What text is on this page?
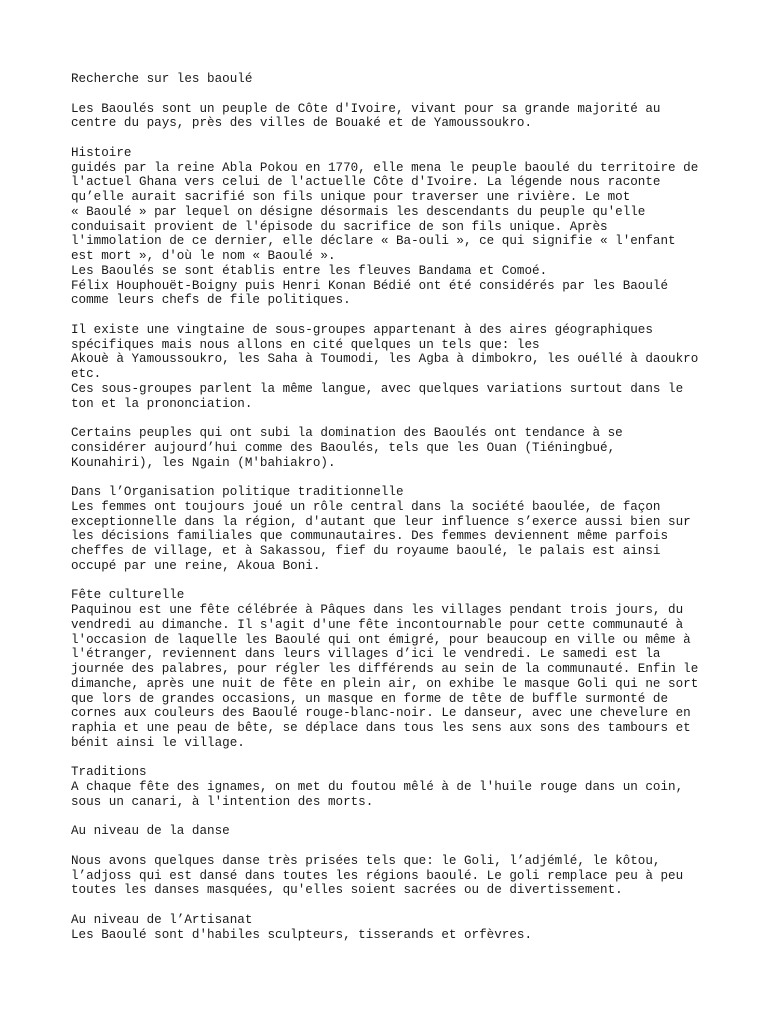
Recherche sur les baoulé
Les Baoulés sont un peuple de Côte d'Ivoire, vivant pour sa grande majorité au
centre du pays, près des villes de Bouaké et de Yamoussoukro.
Histoire
guidés par la reine Abla Pokou en 1770, elle mena le peuple baoulé du territoire de
l'actuel Ghana vers celui de l'actuelle Côte d'Ivoire. La légende nous raconte
qu’elle aurait sacrifié son fils unique pour traverser une rivière. Le mot
« Baoulé » par lequel on désigne désormais les descendants du peuple qu'elle
conduisait provient de l'épisode du sacrifice de son fils unique. Après
l'immolation de ce dernier, elle déclare « Ba-ouli », ce qui signifie « l'enfant
est mort », d'où le nom « Baoulé ».
Les Baoulés se sont établis entre les fleuves Bandama et Comoé.
Félix Houphouët-Boigny puis Henri Konan Bédié ont été considérés par les Baoulé
comme leurs chefs de file politiques.
Il existe une vingtaine de sous-groupes appartenant à des aires géographiques
spécifiques mais nous allons en cité quelques un tels que: les
Akouè à Yamoussoukro, les Saha à Toumodi, les Agba à dimbokro, les ouéllé à daoukro
etc.
Ces sous-groupes parlent la même langue, avec quelques variations surtout dans le
ton et la prononciation.
Certains peuples qui ont subi la domination des Baoulés ont tendance à se
considérer aujourd’hui comme des Baoulés, tels que les Ouan (Tiéningbué,
Kounahiri), les Ngain (M'bahiakro).
Dans l’Organisation politique traditionnelle
Les femmes ont toujours joué un rôle central dans la société baoulée, de façon
exceptionnelle dans la région, d'autant que leur influence s’exerce aussi bien sur
les décisions familiales que communautaires. Des femmes deviennent même parfois
cheffes de village, et à Sakassou, fief du royaume baoulé, le palais est ainsi
occupé par une reine, Akoua Boni.
Fête culturelle
Paquinou est une fête célébrée à Pâques dans les villages pendant trois jours, du
vendredi au dimanche. Il s'agit d'une fête incontournable pour cette communauté à
l'occasion de laquelle les Baoulé qui ont émigré, pour beaucoup en ville ou même à
l'étranger, reviennent dans leurs villages d’ici le vendredi. Le samedi est la
journée des palabres, pour régler les différends au sein de la communauté. Enfin le
dimanche, après une nuit de fête en plein air, on exhibe le masque Goli qui ne sort
que lors de grandes occasions, un masque en forme de tête de buffle surmonté de
cornes aux couleurs des Baoulé rouge-blanc-noir. Le danseur, avec une chevelure en
raphia et une peau de bête, se déplace dans tous les sens aux sons des tambours et
bénit ainsi le village.
Traditions
A chaque fête des ignames, on met du foutou mêlé à de l'huile rouge dans un coin,
sous un canari, à l'intention des morts.
Au niveau de la danse
Nous avons quelques danse très prisées tels que: le Goli, l’adjémlé, le kôtou,
l’adjoss qui est dansé dans toutes les régions baoulé. Le goli remplace peu à peu
toutes les danses masquées, qu'elles soient sacrées ou de divertissement.
Au niveau de l’Artisanat
Les Baoulé sont d'habiles sculpteurs, tisserands et orfèvres.
